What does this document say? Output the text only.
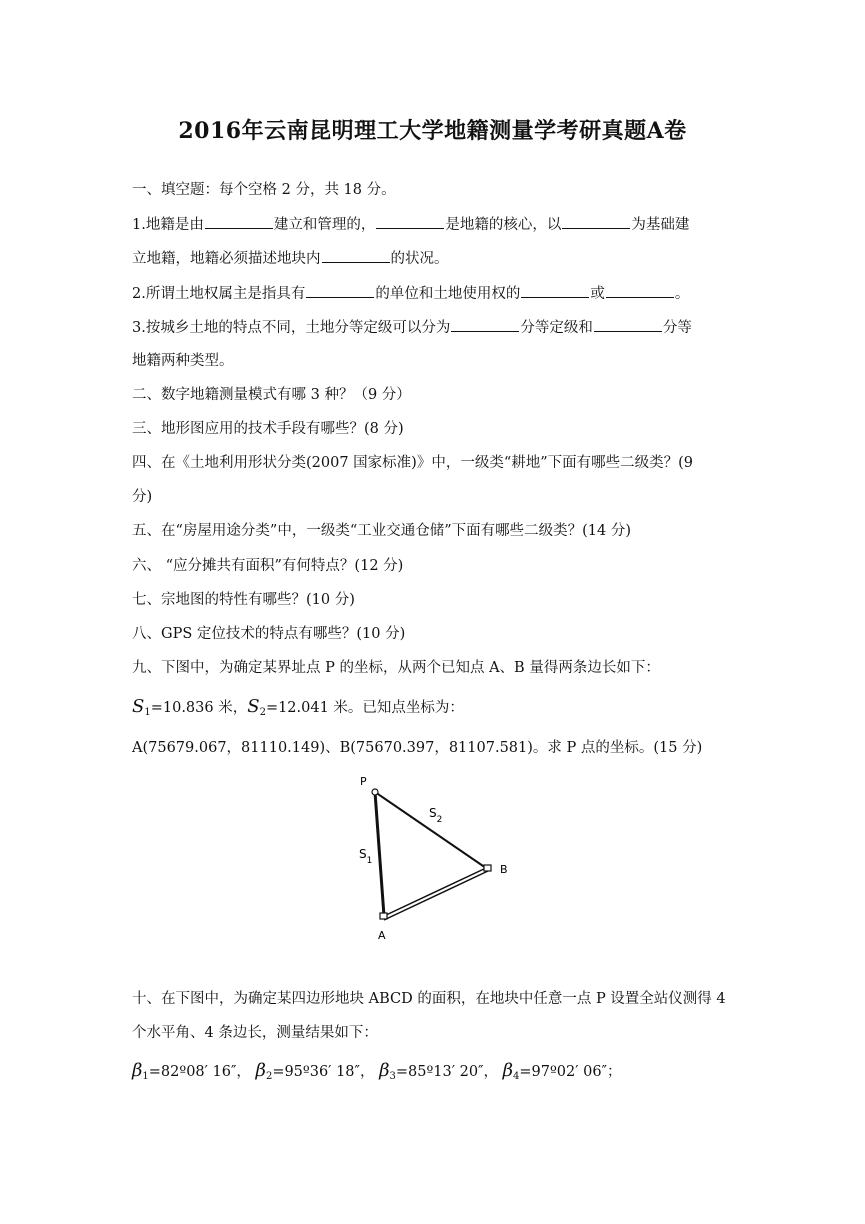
2016年云南昆明理工大学地籍测量学考研真题A卷
一、填空题：每个空格 2 分，共 18 分。
1.地籍是由	建立和管理的，	是地籍的核心，以	为基础建
立地籍，地籍必须描述地块内	的状况。
2.所谓土地权属主是指具有	的单位和土地使用权的	或	。
3.按城乡土地的特点不同，土地分等定级可以分为	分等定级和	分等
地籍两种类型。
二、数字地籍测量模式有哪 3 种？（9 分）
三、地形图应用的技术手段有哪些？(8 分)
四、在《土地利用形状分类(2007 国家标准)》中，一级类“耕地”下面有哪些二级类？(9
分)
五、在“房屋用途分类”中，一级类“工业交通仓储”下面有哪些二级类？(14 分)
六、 “应分摊共有面积”有何特点？(12 分)
七、宗地图的特性有哪些？(10 分)
八、GPS 定位技术的特点有哪些？(10 分)
九、下图中，为确定某界址点 P 的坐标，从两个已知点 A、B 量得两条边长如下：
$S_1=10.836$ 米，$S_2=12.041$ 米。已知点坐标为：
A(75679.067，81110.149)、B(75670.397，81107.581)。求 P 点的坐标。(15 分)
P
A
B
$S_1$
$S_2$
十、在下图中，为确定某四边形地块 ABCD 的面积，在地块中任意一点 P 设置全站仪测得 4
个水平角、4 条边长，测量结果如下：
$\beta_1=82º08'$ 16″， $\beta_2=95º36'$ 18″， $\beta_3=85º13'$ 20″， $\beta_4=97º02'$ 06″；
